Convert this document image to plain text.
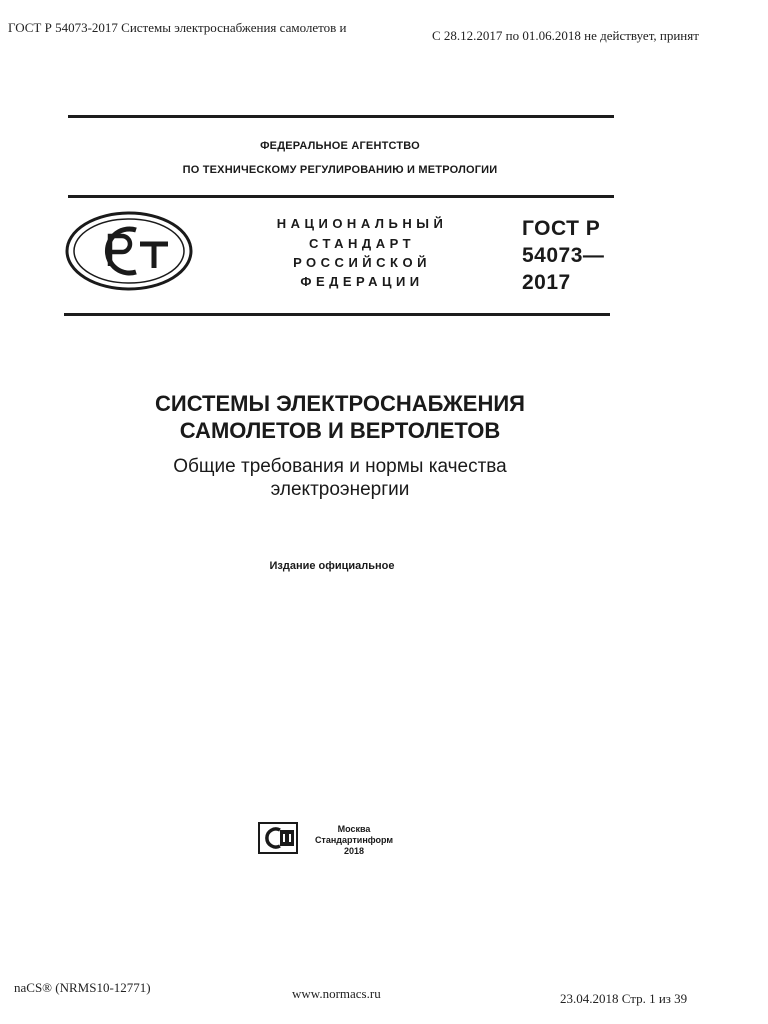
ГОСТ Р 54073-2017 Системы электроснабжения самолетов и
С 28.12.2017 по 01.06.2018 не действует, принят
ФЕДЕРАЛЬНОЕ АГЕНТСТВО
ПО ТЕХНИЧЕСКОМУ РЕГУЛИРОВАНИЮ И МЕТРОЛОГИИ
НАЦИОНАЛЬНЫЙ
СТАНДАРТ
РОССИЙСКОЙ
ФЕДЕРАЦИИ
ГОСТ Р
54073—
2017
СИСТЕМЫ ЭЛЕКТРОСНАБЖЕНИЯ
САМОЛЕТОВ И ВЕРТОЛЕТОВ
Общие требования и нормы качества
электроэнергии
Издание официальное
Москва
Стандартинформ
2018
naCS® (NRMS10-12771)	www.normacs.ru	23.04.2018 Стр. 1 из 39
